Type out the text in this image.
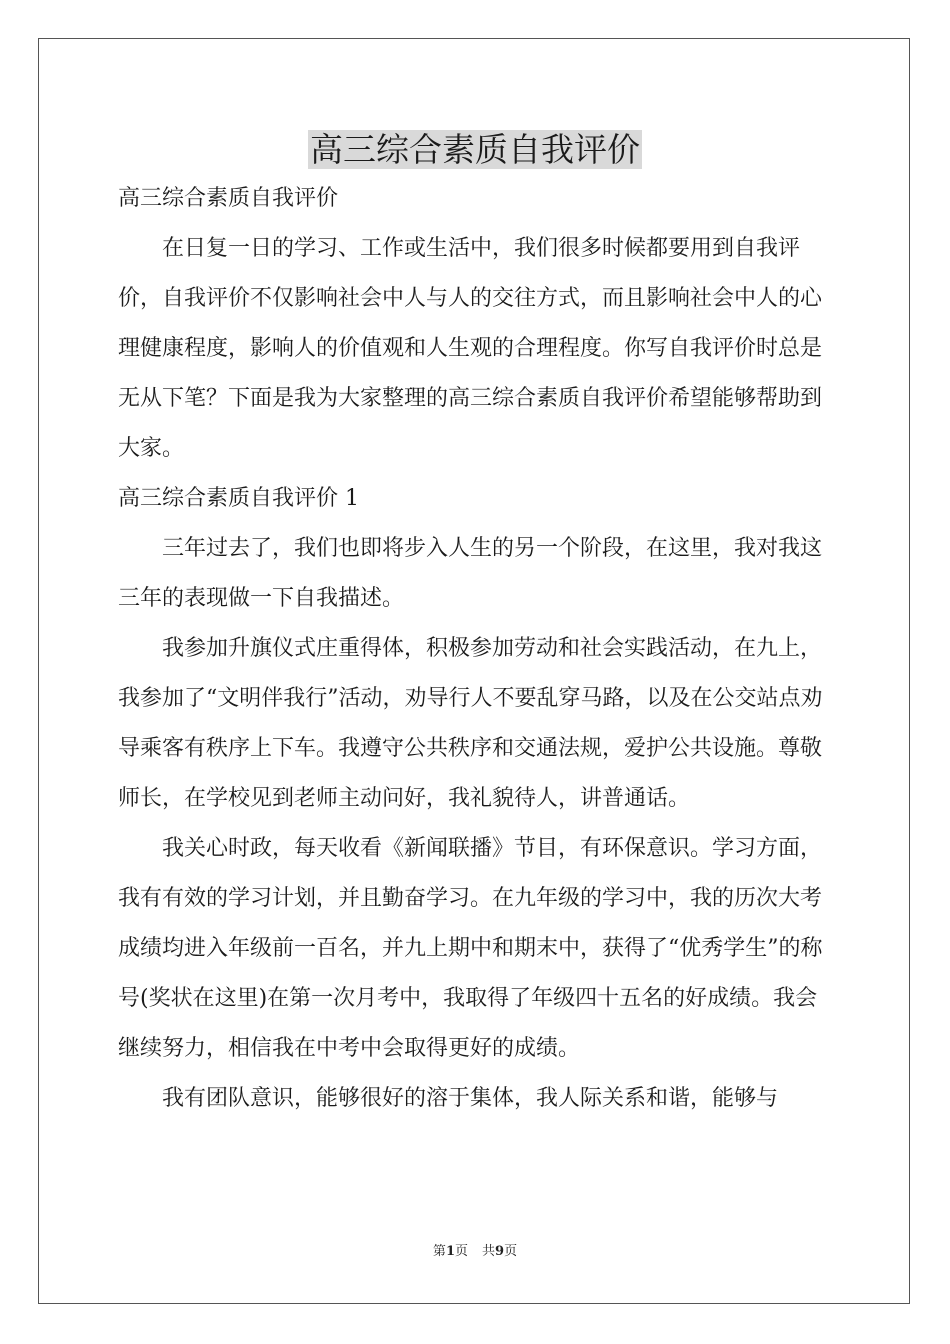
高三综合素质自我评价

高三综合素质自我评价

在日复一日的学习、工作或生活中，我们很多时候都要用到自我评价，自我评价不仅影响社会中人与人的交往方式，而且影响社会中人的心理健康程度，影响人的价值观和人生观的合理程度。你写自我评价时总是无从下笔？下面是我为大家整理的高三综合素质自我评价希望能够帮助到大家。

高三综合素质自我评价 1

三年过去了，我们也即将步入人生的另一个阶段，在这里，我对我这三年的表现做一下自我描述。

我参加升旗仪式庄重得体，积极参加劳动和社会实践活动，在九上，我参加了“文明伴我行”活动，劝导行人不要乱穿马路，以及在公交站点劝导乘客有秩序上下车。我遵守公共秩序和交通法规，爱护公共设施。尊敬师长，在学校见到老师主动问好，我礼貌待人，讲普通话。

我关心时政，每天收看《新闻联播》节目，有环保意识。学习方面，我有有效的学习计划，并且勤奋学习。在九年级的学习中，我的历次大考成绩均进入年级前一百名，并九上期中和期末中，获得了“优秀学生”的称号(奖状在这里)在第一次月考中，我取得了年级四十五名的好成绩。我会继续努力，相信我在中考中会取得更好的成绩。

我有团队意识，能够很好的溶于集体，我人际关系和谐，能够与

第1页 共9页
